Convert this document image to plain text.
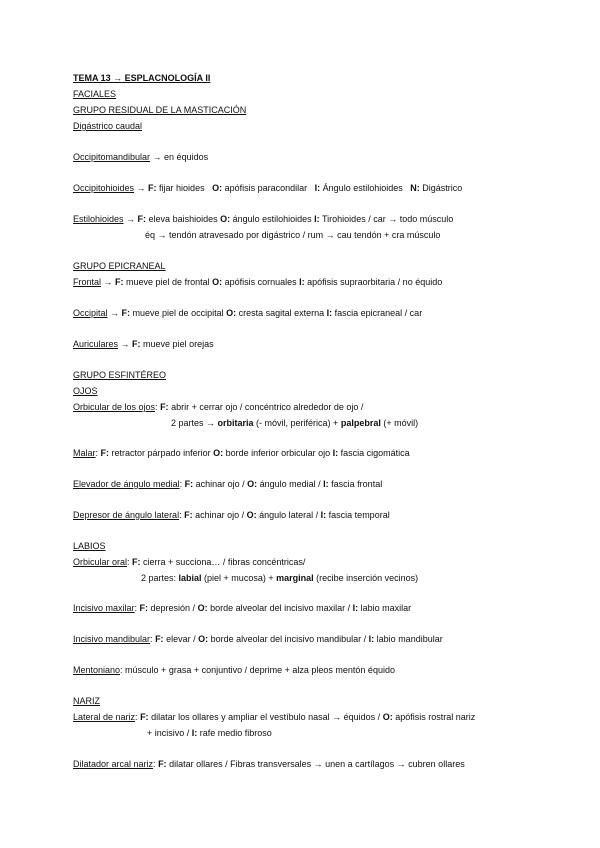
TEMA 13 → ESPLACNOLOGÍA II
FACIALES
GRUPO RESIDUAL DE LA MASTICACIÓN
Digástrico caudal
Occipitomandibular → en équidos
Occipitohioides → F: fijar hioides   O: apófisis paracondilar   I: Ángulo estilohioides   N: Digástrico
Estilohioides → F: eleva baishioides O: ángulo estilohioides I: Tirohioides / car → todo músculo
éq → tendón atravesado por digástrico / rum → cau tendón + cra músculo
GRUPO EPICRANEAL
Frontal → F: mueve piel de frontal O: apófisis cornuales I: apófisis supraorbitaria / no équido
Occipital → F: mueve piel de occipital O: cresta sagital externa I: fascia epicraneal / car
Auriculares → F: mueve piel orejas
GRUPO ESFINTÉREO
OJOS
Orbicular de los ojos: F: abrir + cerrar ojo / concéntrico alrededor de ojo /
2 partes → orbitaria (- móvil, periférica) + palpebral (+ móvil)
Malar: F: retractor párpado inferior O: borde inferior orbicular ojo I: fascia cigomática
Elevador de ángulo medial: F: achinar ojo / O: ángulo medial / I: fascia frontal
Depresor de ángulo lateral: F: achinar ojo / O: ángulo lateral / I: fascia temporal
LABIOS
Orbicular oral: F: cierra + succiona… / fibras concéntricas/
2 partes: labial (piel + mucosa) + marginal (recibe inserción vecinos)
Incisivo maxilar: F: depresión / O: borde alveolar del incisivo maxilar / I: labio maxilar
Incisivo mandibular: F: elevar / O: borde alveolar del incisivo mandibular / I: labio mandibular
Mentoniano: músculo + grasa + conjuntivo / deprime + alza pleos mentón équido
NARIZ
Lateral de nariz: F: dilatar los ollares y ampliar el vestíbulo nasal → équidos / O: apófisis rostral nariz
+ incisivo / I: rafe medio fibroso
Dilatador arcal nariz: F: dilatar ollares / Fibras transversales → unen a cartílagos → cubren ollares
